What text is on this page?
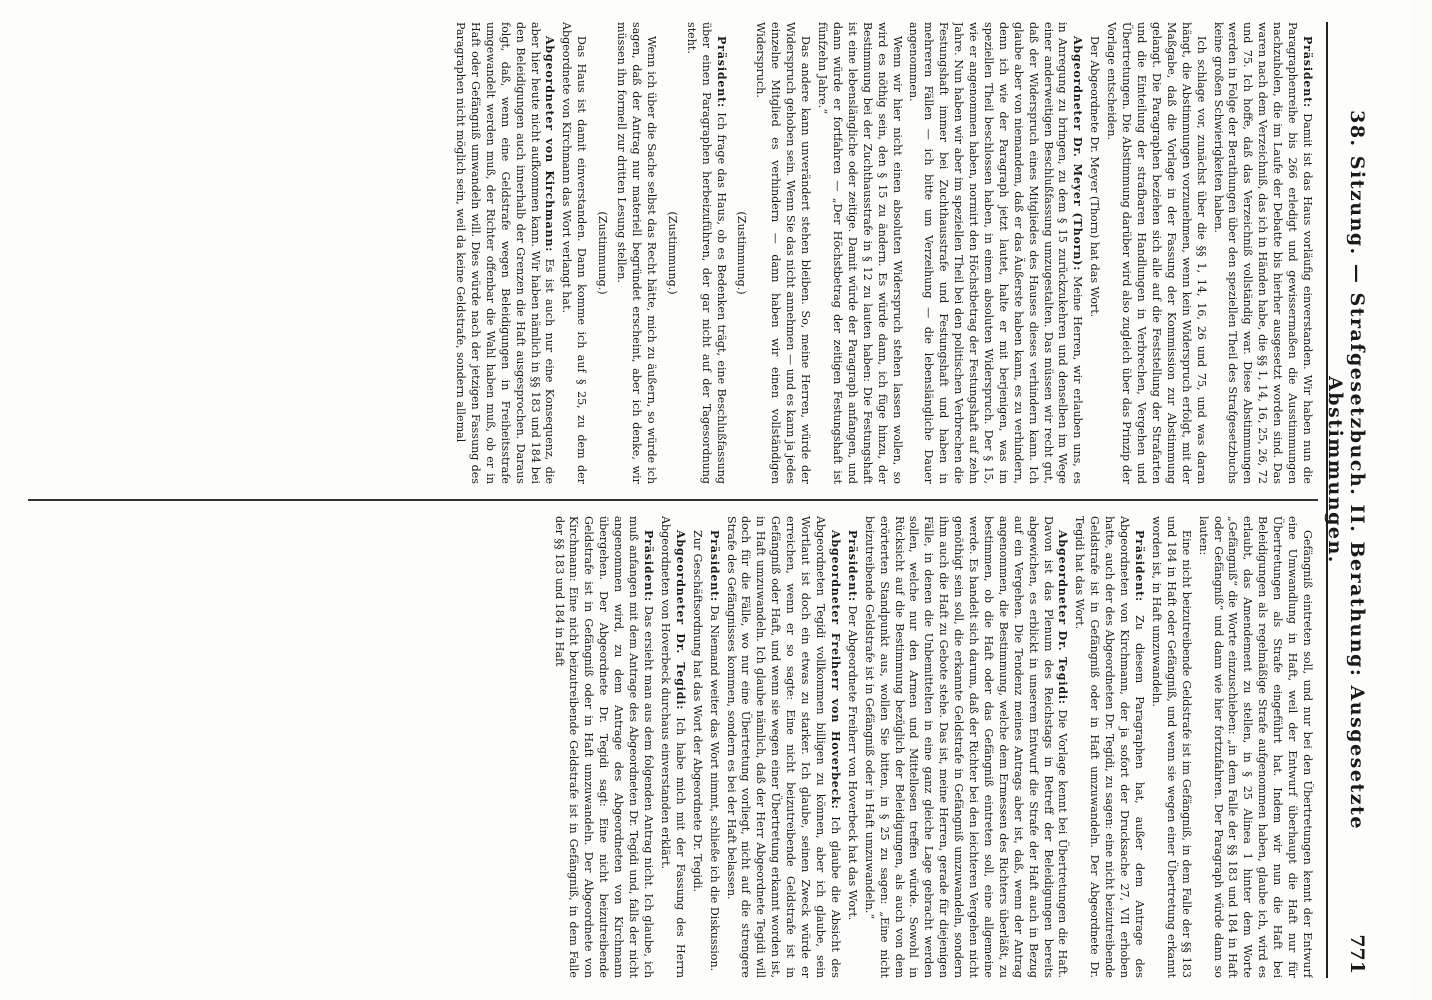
38. Sitzung. — Strafgesetzbuch. II. Berathung: Ausgesetzte Abstimmungen.
771

Präsident: Damit ist das Haus vorläufig einverstanden. Wir haben nun die Paragraphenreihe bis 266 erledigt und gewissermaßen die Ausstimmungen nachzuholen, die im Laufe der Debatte bis hierher ausgesetzt worden sind. Das waren nach dem Verzeichniß, das ich in Händen habe, die §§ 1, 14, 16, 25, 26, 72 und 75. Ich hoffe, daß das Verzeichniß vollständig war. Diese Abstimmungen werden in Folge der Berathungen über den speziellen Theil des Strafgesetzbuchs keine großen Schwierigkeiten haben.

Ich schlage vor, zunächst über die §§ 1, 14, 16, 26 und 75, und was daran hängt, die Abstimmungen vorzunehmen, wenn kein Widerspruch erfolgt, mit der Maßgabe, daß die Vorlage in der Fassung der Kommission zur Abstimmung gelangt. Die Paragraphen beziehen sich alle auf die Feststellung der Strafarten und die Einteilung der strafbaren Handlungen in Verbrechen, Vergehen und Übertretungen. Die Abstimmung darüber wird also zugleich über das Prinzip der Vorlage entscheiden.

Der Abgeordnete Dr. Meyer (Thorn) hat das Wort.

Abgeordneter Dr. Meyer (Thorn): Meine Herren, wir erlauben uns, es in Anregung zu bringen, zu dem § 15 zurückzukehren und denselben im Wege einer anderweitigen Beschlußfassung umzugestalten. Das müssen wir recht gut, daß der Widerspruch eines Mitgliedes des Hauses dieses verhindern kann. Ich glaube aber von niemandem, daß er das Äußerste haben kann, es zu verhindern, denn ich wie der Paragraph jetzt lautet, halte er mit berjenigen, was im speziellen Theil beschlossen haben, in einem absoluten Widerspruch. Der § 15, wie er angenommen haben, normirt den Höchstbetrag der Festungshaft auf zehn Jahre. Nun haben wir aber im speziellen Theil bei den politischen Verbrechen die Festungshaft immer bei Zuchthausstrafe und Festungshaft und haben in mehreren Fällen — ich bitte um Verzeihung — die lebenslängliche Dauer angenommen.

Wenn wir hier nicht einen absoluten Widerspruch stehen lassen wollen, so wird es nöthig sein, den § 15 zu ändern. Es würde dann, ich füge hinzu, der Bestimmung bei der Zuchthausstrafe in § 12 zu lauten haben: Die Festungshaft ist eine lebenslängliche oder zeitige. Damit würde der Paragraph anfangen, und dann würde er fortfahren — „Der Höchstbetrag der zeitigen Festungshaft ist fünfzehn Jahre.“

Das andere kann unverändert stehen bleiben. So, meine Herren, würde der Widerspruch gehoben sein. Wenn Sie das nicht annehmen — und es kann ja jedes einzelne Mitglied es verhindern — dann haben wir einen vollständigen Widerspruch.

(Zustimmung.)

Präsident: Ich frage das Haus, ob es Bedenken trägt, eine Beschlußfassung über einen Paragraphen herbeizuführen, der gar nicht auf der Tagesordnung steht.

(Zustimmung.)

Wenn ich über die Sache selbst das Recht hätte, mich zu äußern, so würde ich sagen, daß der Antrag nur materiell begründet erscheint, aber ich denke, wir müssen ihn formell zur dritten Lesung stellen.

(Zustimmung.)

Das Haus ist damit einverstanden. Dann komme ich auf § 25, zu dem der Abgeordnete von Kirchmann das Wort verlangt hat.

Abgeordneter von Kirchmann: Es ist auch nur eine Konsequenz, die aber hier heute nicht aufkommen kann. Wir haben nämlich in §§ 183 und 184 bei den Beleidigungen auch innerhalb der Grenzen die Haft ausgesprochen. Daraus folgt, daß, wenn eine Geldstrafe wegen Beleidigungen in Freiheitsstrafe umgewandelt werden muß, der Richter offenbar die Wahl haben muß, ob er in Haft oder Gefängniß umwandeln will. Dies würde nach der jetzigen Fassung des Paragraphen nicht möglich sein, weil da keine Geldstrafe, sondern allemal

Gefängniß eintreten soll, und nur bei den Übertretungen kennt der Entwurf eine Umwandlung in Haft, weil der Entwurf überhaupt die Haft nur für Übertretungen als Strafe eingeführt hat. Indem wir nun die Haft bei Beleidigungen als regelmäßige Strafe aufgenommen haben, glaube ich, wird es erlaubt, das Amendement zu stellen, in § 25 Alinea 1 hinter dem Worte „Gefängniß“ die Worte einzuschieben: „in dem Falle der §§ 183 und 184 in Haft oder Gefängniß“ und dann wie hier fortzufahren. Der Paragraph würde dann so lauten:

Eine nicht beizutreibende Geldstrafe ist im Gefängniß, in dem Falle der §§ 183 und 184 in Haft oder Gefängniß, und wenn sie wegen einer Übertretung erkannt worden ist, in Haft umzuwandeln.

Präsident: Zu diesem Paragraphen hat, außer dem Antrage des Abgeordneten von Kirchmann, der ja sofort der Drucksache 27, VII erhoben hatte, auch der des Abgeordneten Dr. Tegidi, zu sagen: eine nicht beizutreibende Geldstrafe ist in Gefängniß oder in Haft umzuwandeln. Der Abgeordnete Dr. Tegidi hat das Wort.

Abgeordneter Dr. Tegidi: Die Vorlage kennt bei Übertretungen die Haft. Davon ist das Plenum des Reichstags in Betreff der Beleidigungen bereits abgewichen, es erblickt in unserem Entwurf die Strafe der Haft auch in Bezug auf ein Vergehen. Die Tendenz meines Antrags aber ist, daß, wenn der Antrag angenommen, die Bestimmung, welche dem Ermessen des Richters überläßt, zu bestimmen, ob die Haft oder das Gefängniß eintreten soll, eine allgemeine werde. Es handelt sich darum, daß der Richter bei den leichteren Vergehen nicht genöthigt sein soll, die erkannte Geldstrafe in Gefängniß umzuwandeln, sondern ihm auch die Haft zu Gebote stehe. Das ist, meine Herren, gerade für diejenigen Fälle, in denen die Unbemittelten in eine ganz gleiche Lage gebracht werden sollen, welche nur den Armen und Mittellosen treffen würde. Sowohl in Rücksicht auf die Bestimmung bezüglich der Beleidigungen, als auch von dem erörterten Standpunkt aus, wollen Sie bitten, in § 25 zu sagen: „Eine nicht beizutreibende Geldstrafe ist in Gefängniß oder in Haft umzuwandeln.“

Präsident: Der Abgeordnete Freiherr von Hoverbeck hat das Wort.

Abgeordneter Freiherr von Hoverbeck: Ich glaube die Absicht des Abgeordneten Tegidi vollkommen billigen zu können, aber ich glaube, sein Wortlaut ist doch ein etwas zu starker. Ich glaube, seinen Zweck würde er erreichen, wenn er so sagte: Eine nicht beizutreibende Geldstrafe ist in Gefängniß oder Haft, und wenn sie wegen einer Übertretung erkannt worden ist, in Haft umzuwandeln. Ich glaube nämlich, daß der Herr Abgeordnete Tegidi will doch für die Fälle, wo nur eine Übertretung vorliegt, nicht auf die strengere Strafe des Gefängnisses kommen, sondern es bei der Haft belassen.

Präsident: Da Niemand weiter das Wort nimmt, schließe ich die Diskussion.

Zur Geschäftsordnung hat das Wort der Abgeordnete Dr. Tegidi.

Abgeordneter Dr. Tegidi: Ich habe mich mit der Fassung des Herrn Abgeordneten von Hoverbeck durchaus einverstanden erklärt.

Präsident: Das ersieht man aus dem folgenden Antrag nicht. Ich glaube, ich muß anfangen mit dem Antrage des Abgeordneten Dr. Tegidi und, falls der nicht angenommen wird, zu dem Antrage des Abgeordneten von Kirchmann übergehen. Der Abgeordnete Dr. Tegidi sagt: Eine nicht beizutreibende Geldstrafe ist in Gefängniß oder in Haft umzuwandeln. Der Abgeordnete von Kirchmann: Eine nicht beizutreibende Geldstrafe ist in Gefängniß, in dem Falle der §§ 183 und 184 in Haft
